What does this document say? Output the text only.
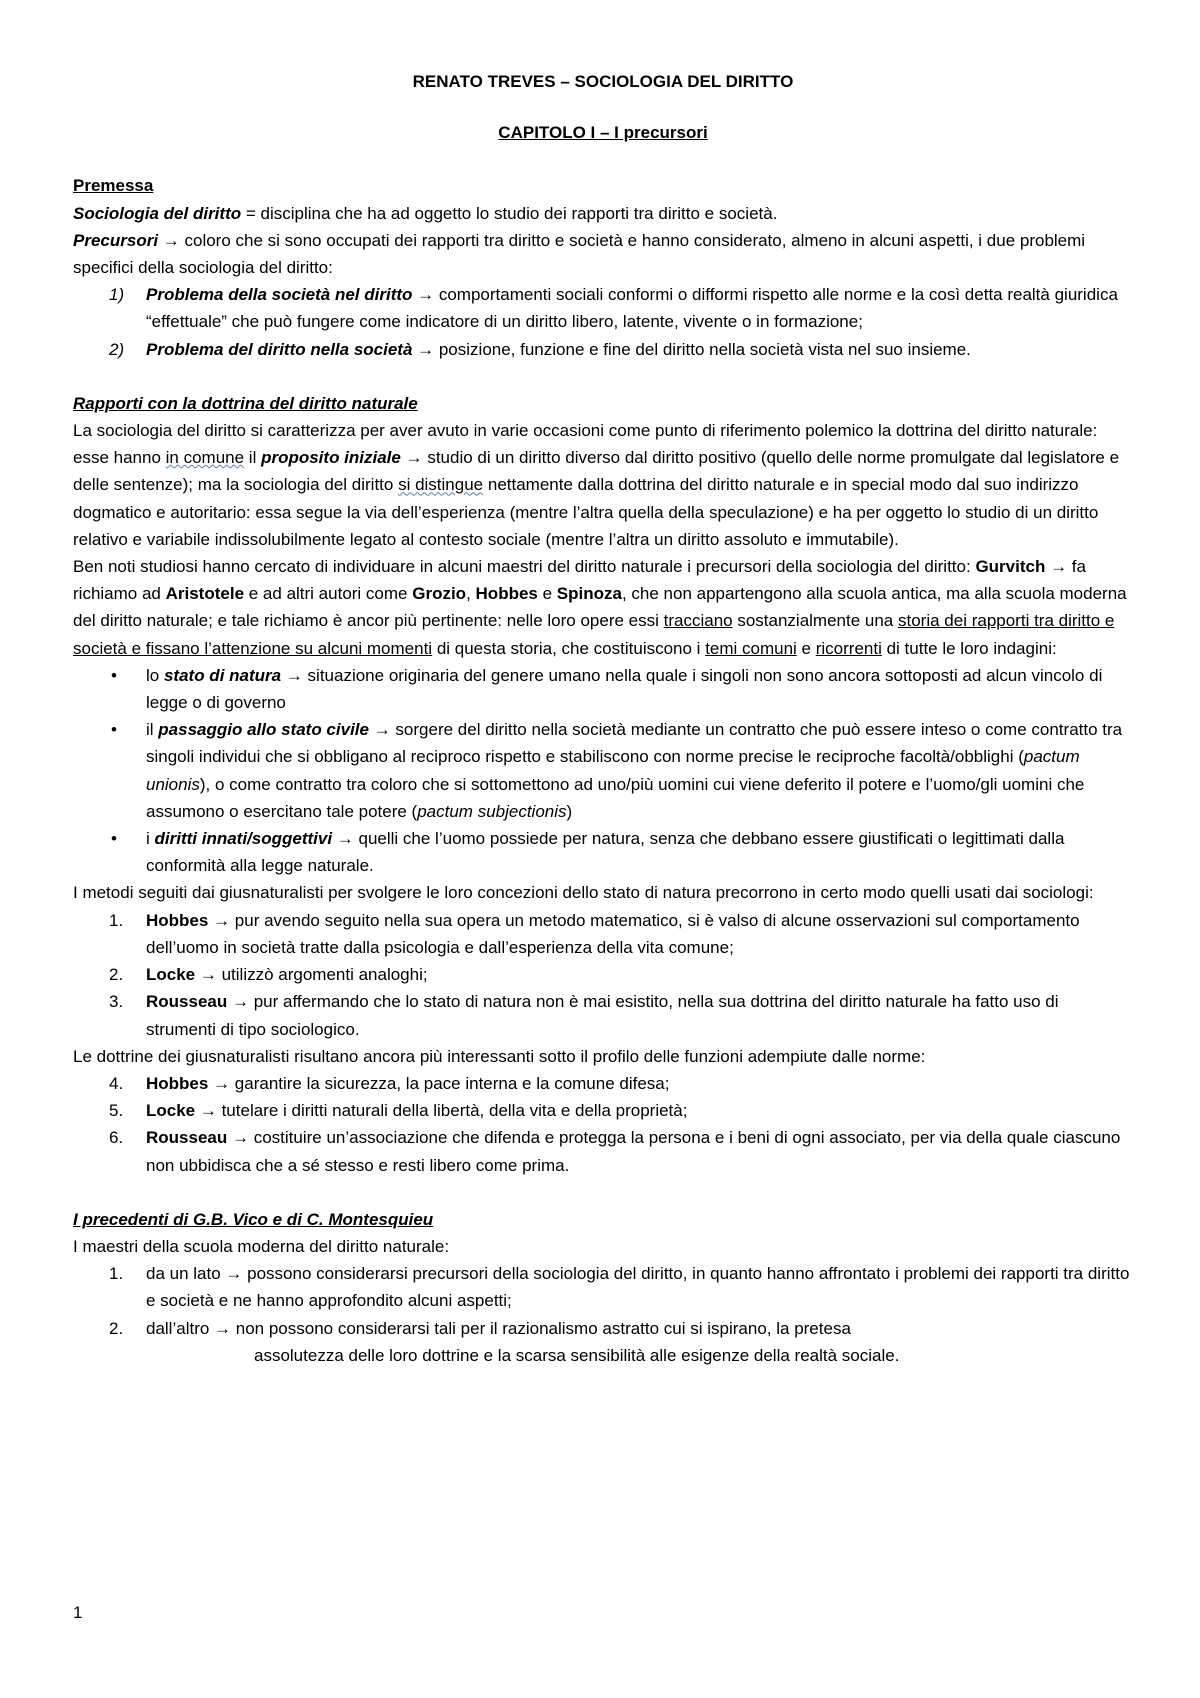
RENATO TREVES – SOCIOLOGIA DEL DIRITTO

CAPITOLO I – I precursori

Premessa

Sociologia del diritto = disciplina che ha ad oggetto lo studio dei rapporti tra diritto e società.

Precursori → coloro che si sono occupati dei rapporti tra diritto e società e hanno considerato, almeno in alcuni aspetti, i due problemi specifici della sociologia del diritto:

1) Problema della società nel diritto → comportamenti sociali conformi o difformi rispetto alle norme e la così detta realtà giuridica “effettuale” che può fungere come indicatore di un diritto libero, latente, vivente o in formazione;
2) Problema del diritto nella società → posizione, funzione e fine del diritto nella società vista nel suo insieme.

Rapporti con la dottrina del diritto naturale

La sociologia del diritto si caratterizza per aver avuto in varie occasioni come punto di riferimento polemico la dottrina del diritto naturale: esse hanno in comune il proposito iniziale → studio di un diritto diverso dal diritto positivo (quello delle norme promulgate dal legislatore e delle sentenze); ma la sociologia del diritto si distingue nettamente dalla dottrina del diritto naturale e in special modo dal suo indirizzo dogmatico e autoritario: essa segue la via dell’esperienza (mentre l’altra quella della speculazione) e ha per oggetto lo studio di un diritto relativo e variabile indissolubilmente legato al contesto sociale (mentre l’altra un diritto assoluto e immutabile).

Ben noti studiosi hanno cercato di individuare in alcuni maestri del diritto naturale i precursori della sociologia del diritto: Gurvitch → fa richiamo ad Aristotele e ad altri autori come Grozio, Hobbes e Spinoza, che non appartengono alla scuola antica, ma alla scuola moderna del diritto naturale; e tale richiamo è ancor più pertinente: nelle loro opere essi tracciano sostanzialmente una storia dei rapporti tra diritto e società e fissano l’attenzione su alcuni momenti di questa storia, che costituiscono i temi comuni e ricorrenti di tutte le loro indagini:

• lo stato di natura → situazione originaria del genere umano nella quale i singoli non sono ancora sottoposti ad alcun vincolo di legge o di governo
• il passaggio allo stato civile → sorgere del diritto nella società mediante un contratto che può essere inteso o come contratto tra singoli individui che si obbligano al reciproco rispetto e stabiliscono con norme precise le reciproche facoltà/obblighi (pactum unionis), o come contratto tra coloro che si sottomettono ad uno/più uomini cui viene deferito il potere e l’uomo/gli uomini che assumono o esercitano tale potere (pactum subjectionis)
• i diritti innati/soggettivi → quelli che l’uomo possiede per natura, senza che debbano essere giustificati o legittimati dalla conformità alla legge naturale.

I metodi seguiti dai giusnaturalisti per svolgere le loro concezioni dello stato di natura precorrono in certo modo quelli usati dai sociologi:

1. Hobbes → pur avendo seguito nella sua opera un metodo matematico, si è valso di alcune osservazioni sul comportamento dell’uomo in società tratte dalla psicologia e dall’esperienza della vita comune;
2. Locke → utilizzò argomenti analoghi;
3. Rousseau → pur affermando che lo stato di natura non è mai esistito, nella sua dottrina del diritto naturale ha fatto uso di strumenti di tipo sociologico.

Le dottrine dei giusnaturalisti risultano ancora più interessanti sotto il profilo delle funzioni adempiute dalle norme:

4. Hobbes → garantire la sicurezza, la pace interna e la comune difesa;
5. Locke → tutelare i diritti naturali della libertà, della vita e della proprietà;
6. Rousseau → costituire un’associazione che difenda e protegga la persona e i beni di ogni associato, per via della quale ciascuno non ubbidisca che a sé stesso e resti libero come prima.

I precedenti di G.B. Vico e di C. Montesquieu

I maestri della scuola moderna del diritto naturale:

1. da un lato → possono considerarsi precursori della sociologia del diritto, in quanto hanno affrontato i problemi dei rapporti tra diritto e società e ne hanno approfondito alcuni aspetti;
2. dall’altro → non possono considerarsi tali per il razionalismo astratto cui si ispirano, la pretesa

assolutezza delle loro dottrine e la scarsa sensibilità alle esigenze della realtà sociale.

1
